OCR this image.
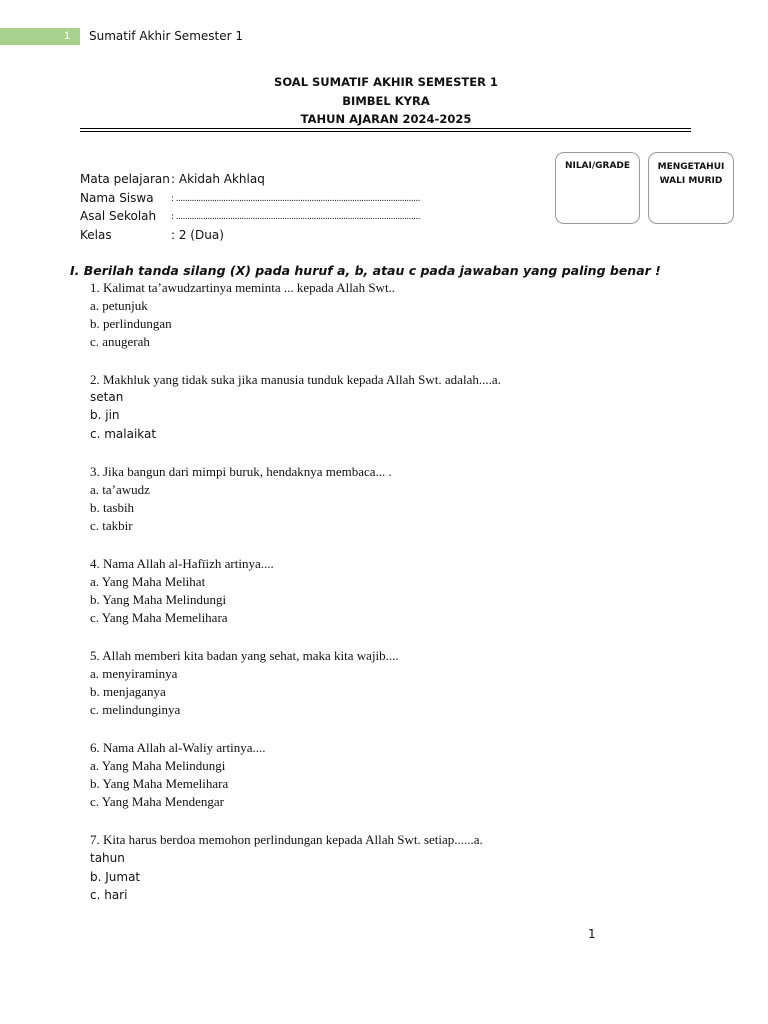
1 Sumatif Akhir Semester 1
SOAL SUMATIF AKHIR SEMESTER 1
BIMBEL KYRA
TAHUN AJARAN 2024-2025
Mata pelajaran : Akidah Akhlaq
Nama Siswa	: ............................................................................................................
Asal Sekolah	: ............................................................................................................
Kelas	: 2 (Dua)
NILAI/GRADE	MENGETAHUI
WALI MURID
I. Berilah tanda silang (X) pada huruf a, b, atau c pada jawaban yang paling benar !
1. Kalimat ta’awudzartinya meminta ... kepada Allah Swt..
a. petunjuk
b. perlindungan
c. anugerah
2. Makhluk yang tidak suka jika manusia tunduk kepada Allah Swt. adalah....a.
setan
b. jin
c. malaikat
3. Jika bangun dari mimpi buruk, hendaknya membaca... .
a. ta’awudz
b. tasbih
c. takbir
4. Nama Allah al-Hafīizh artinya....
a. Yang Maha Melihat
b. Yang Maha Melindungi
c. Yang Maha Memelihara
5. Allah memberi kita badan yang sehat, maka kita wajib....
a. menyiraminya
b. menjaganya
c. melindunginya
6. Nama Allah al-Waliy artinya....
a. Yang Maha Melindungi
b. Yang Maha Memelihara
c. Yang Maha Mendengar
7. Kita harus berdoa memohon perlindungan kepada Allah Swt. setiap......a.
tahun
b. Jumat
c. hari
1
